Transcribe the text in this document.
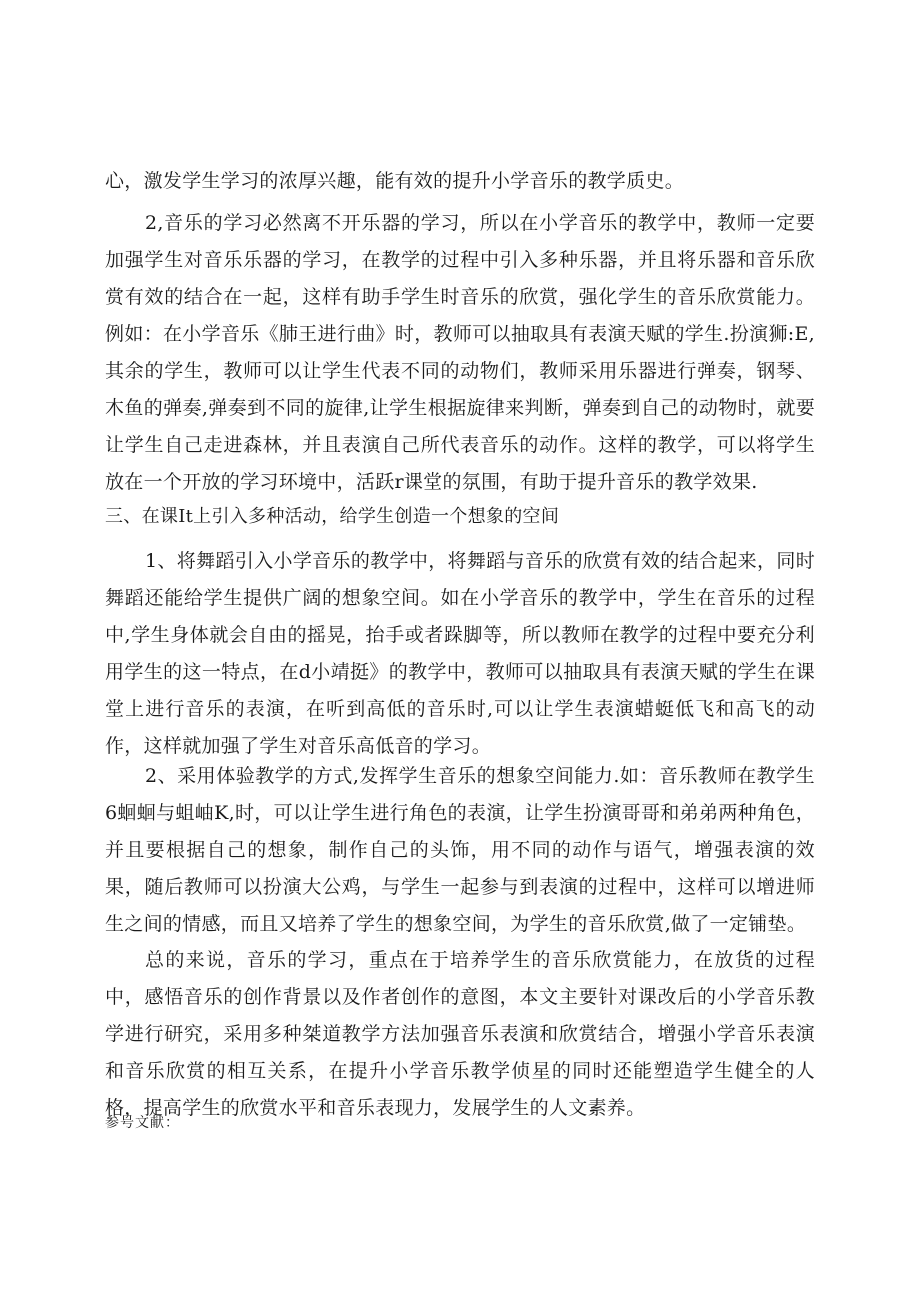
心，激发学生学习的浓厚兴趣，能有效的提升小学音乐的教学质史。

2,音乐的学习必然离不开乐器的学习，所以在小学音乐的教学中，教师一定要加强学生对音乐乐器的学习，在教学的过程中引入多种乐器，并且将乐器和音乐欣赏有效的结合在一起，这样有助手学生时音乐的欣赏，强化学生的音乐欣赏能力。例如：在小学音乐《肺王进行曲》时，教师可以抽取具有表演天赋的学生.扮演狮:E,其余的学生，教师可以让学生代表不同的动物们，教师采用乐器进行弹奏，钢琴、木鱼的弹奏,弹奏到不同的旋律,让学生根据旋律来判断，弹奏到自己的动物时，就要让学生自己走进森林，并且表演自己所代表音乐的动作。这样的教学，可以将学生放在一个开放的学习环境中，活跃r课堂的氛围，有助于提升音乐的教学效果.

三、在课It上引入多种活动，给学生创造一个想象的空间

1、将舞蹈引入小学音乐的教学中，将舞蹈与音乐的欣赏有效的结合起来，同时舞蹈还能给学生提供广阔的想象空间。如在小学音乐的教学中，学生在音乐的过程中,学生身体就会自由的摇晃，抬手或者跺脚等，所以教师在教学的过程中要充分利用学生的这一特点，在d小靖挺》的教学中，教师可以抽取具有表演天赋的学生在课堂上进行音乐的表演，在听到高低的音乐时,可以让学生表演蜡蜓低飞和高飞的动作，这样就加强了学生对音乐高低音的学习。

2、采用体验教学的方式,发挥学生音乐的想象空间能力.如：音乐教师在教学生6蛔蛔与蛆岫K,时，可以让学生进行角色的表演，让学生扮演哥哥和弟弟两种角色，并且要根据自己的想象，制作自己的头饰，用不同的动作与语气，增强表演的效果，随后教师可以扮演大公鸡，与学生一起参与到表演的过程中，这样可以增进师生之间的情感，而且又培养了学生的想象空间，为学生的音乐欣赏,做了一定铺垫。

总的来说，音乐的学习，重点在于培养学生的音乐欣赏能力，在放货的过程中，感悟音乐的创作背景以及作者创作的意图，本文主要针对课改后的小学音乐教学进行研究，采用多种桀道教学方法加强音乐表演和欣赏结合，增强小学音乐表演和音乐欣赏的相互关系，在提升小学音乐教学侦星的同时还能塑造学生健全的人格，提高学生的欣赏水平和音乐表现力，发展学生的人文素养。

参号文献：
